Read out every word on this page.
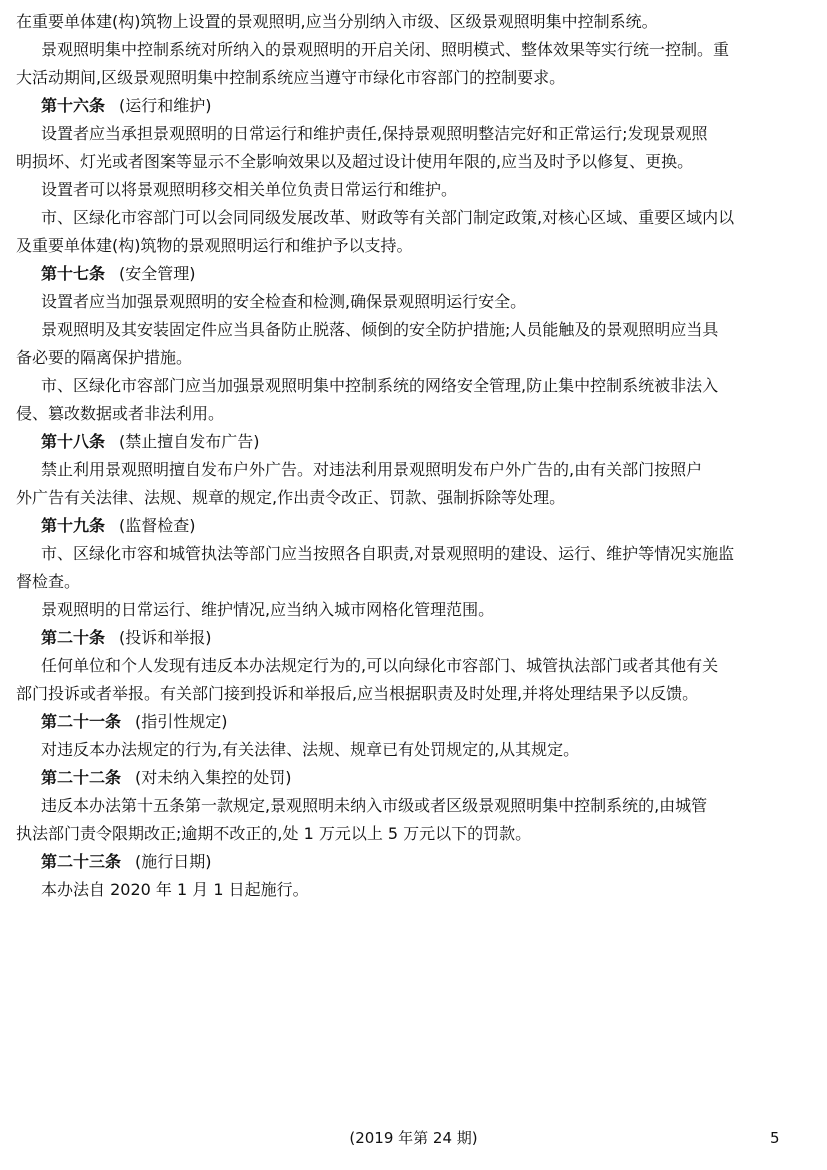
在重要单体建(构)筑物上设置的景观照明,应当分别纳入市级、区级景观照明集中控制系统。
景观照明集中控制系统对所纳入的景观照明的开启关闭、照明模式、整体效果等实行统一控制。重
大活动期间,区级景观照明集中控制系统应当遵守市绿化市容部门的控制要求。
第十六条 (运行和维护)
设置者应当承担景观照明的日常运行和维护责任,保持景观照明整洁完好和正常运行;发现景观照
明损坏、灯光或者图案等显示不全影响效果以及超过设计使用年限的,应当及时予以修复、更换。
设置者可以将景观照明移交相关单位负责日常运行和维护。
市、区绿化市容部门可以会同同级发展改革、财政等有关部门制定政策,对核心区域、重要区域内以
及重要单体建(构)筑物的景观照明运行和维护予以支持。
第十七条 (安全管理)
设置者应当加强景观照明的安全检查和检测,确保景观照明运行安全。
景观照明及其安装固定件应当具备防止脱落、倾倒的安全防护措施;人员能触及的景观照明应当具
备必要的隔离保护措施。
市、区绿化市容部门应当加强景观照明集中控制系统的网络安全管理,防止集中控制系统被非法入
侵、篡改数据或者非法利用。
第十八条 (禁止擅自发布广告)
禁止利用景观照明擅自发布户外广告。对违法利用景观照明发布户外广告的,由有关部门按照户
外广告有关法律、法规、规章的规定,作出责令改正、罚款、强制拆除等处理。
第十九条 (监督检查)
市、区绿化市容和城管执法等部门应当按照各自职责,对景观照明的建设、运行、维护等情况实施监
督检查。
景观照明的日常运行、维护情况,应当纳入城市网格化管理范围。
第二十条 (投诉和举报)
任何单位和个人发现有违反本办法规定行为的,可以向绿化市容部门、城管执法部门或者其他有关
部门投诉或者举报。有关部门接到投诉和举报后,应当根据职责及时处理,并将处理结果予以反馈。
第二十一条 (指引性规定)
对违反本办法规定的行为,有关法律、法规、规章已有处罚规定的,从其规定。
第二十二条 (对未纳入集控的处罚)
违反本办法第十五条第一款规定,景观照明未纳入市级或者区级景观照明集中控制系统的,由城管
执法部门责令限期改正;逾期不改正的,处 1 万元以上 5 万元以下的罚款。
第二十三条 (施行日期)
本办法自 2020 年 1 月 1 日起施行。
(2019 年第 24 期)	5
